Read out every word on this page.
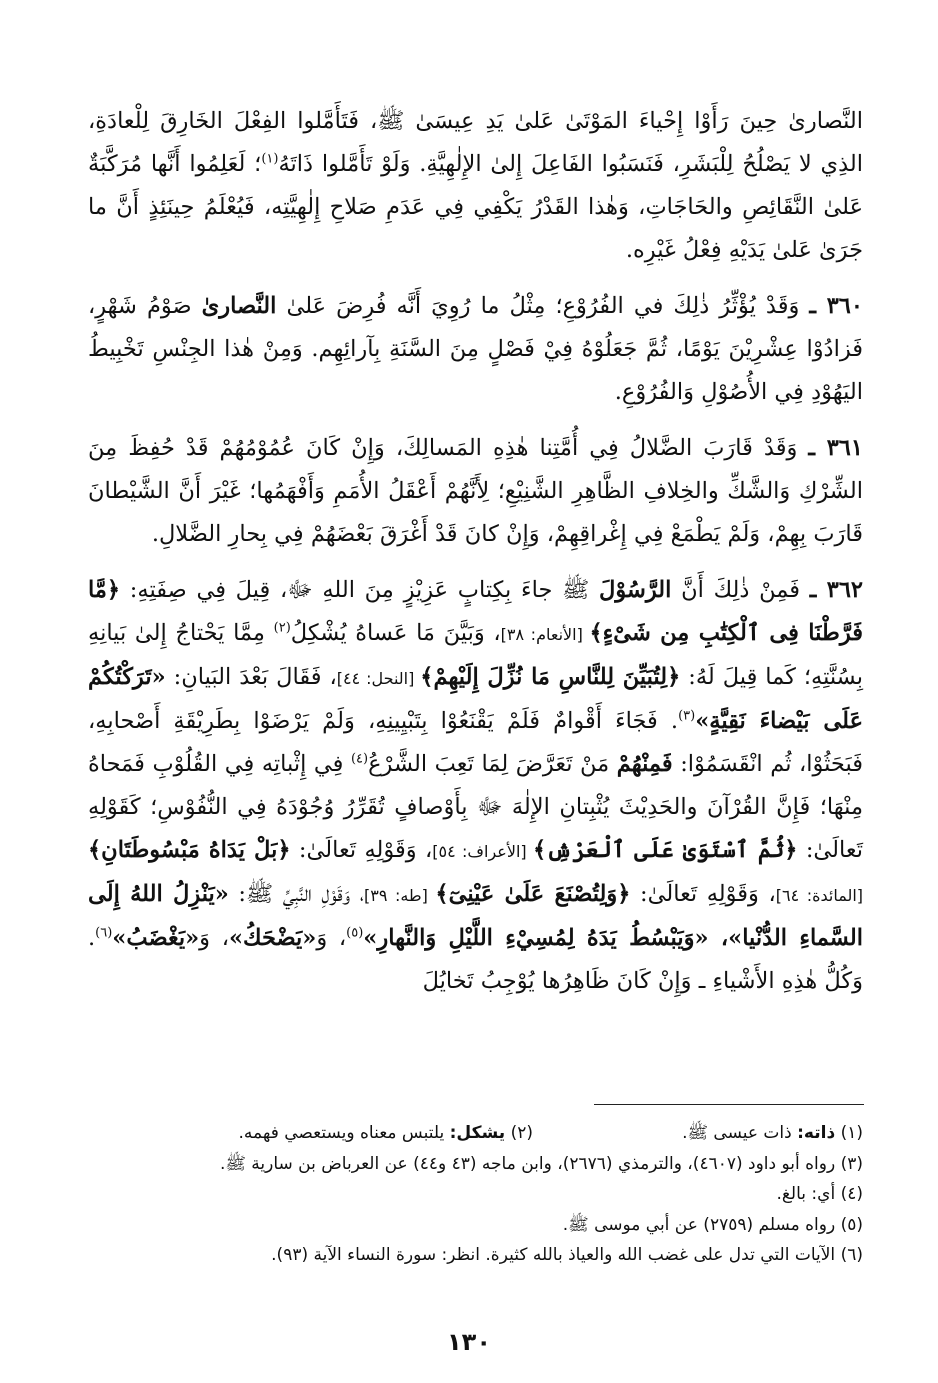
النَّصارىٰ حِينَ رَأَوْا إِحْياءَ المَوْتَىٰ عَلىٰ يَدِ عِيسَىٰ ﷺ، فَتَأَمَّلوا الفِعْلَ الخَارِقَ لِلْعادَةِ، الذِي لا يَصْلُحُ لِلْبَشَرِ، فَنَسَبُوا الفَاعِلَ إِلىٰ الإِلٰهِيَّةِ. وَلَوْ تَأَمَّلوا ذَاتَهُ$^{(١)}$؛ لَعَلِمُوا أَنَّها مُرَكَّبَةٌ عَلىٰ النَّقَائِصِ والحَاجَاتِ، وَهٰذا القَدْرُ يَكْفِي فِي عَدَمِ صَلاحِ إِلٰهِيَّتِه، فَيُعْلَمُ حِينَئِذٍ أَنَّ ما جَرَىٰ عَلىٰ يَدَيْهِ فِعْلُ غَيْرِه.

٣٦٠ ـ وَقَدْ يُؤْثِّرُ ذٰلِكَ في الفُرُوْعِ؛ مِثْلُ ما رُوِيَ أَنَّه فُرِضَ عَلىٰ النَّصارىٰ صَوْمُ شَهْرٍ، فَزادُوْا عِشْرِيْنَ يَوْمًا، ثُمَّ جَعَلُوْهُ فِيْ فَصْلٍ مِنَ السَّنَةِ بِآرائِهِم. وَمِنْ هٰذا الجِنْسِ تَخْبِيطُ اليَهُوْدِ فِي الأُصُوْلِ وَالفُرُوْعِ.

٣٦١ ـ وَقَدْ قَارَبَ الضَّلالُ فِي أُمَّتِنا هٰذِهِ المَسالِكَ، وَإِنْ كَانَ عُمُوْمُهُمْ قَدْ حُفِظَ مِنَ الشِّرْكِ وَالشَّكِّ والخِلافِ الظَّاهِرِ الشَّنِيْعِ؛ لِأَنَّهُمْ أَعْقَلُ الأُمَمِ وَأَفْهَمُها؛ غَيْرَ أَنَّ الشَّيْطانَ قَارَبَ بِهِمْ، وَلَمْ يَطْمَعْ فِي إِغْراقِهِمْ، وَإِنْ كانَ قَدْ أَغْرَقَ بَعْضَهُمْ فِي بِحارِ الضَّلالِ.

٣٦٢ ـ فَمِنْ ذٰلِكَ أَنَّ الرَّسُوْلَ ﷺ جاءَ بِكِتابٍ عَزِيْزٍ مِنَ اللهِ ﷻ، قِيلَ فِي صِفَتِهِ: ﴿مَّا فَرَّطْنَا فِى ٱلْكِتَٰبِ مِن شَىْءٍ﴾ [الأنعام: ٣٨]، وَبَيَّنَ مَا عَساهُ يُشْكِلُ$^{(٢)}$ مِمَّا يَحْتاجُ إِلىٰ بَيانِهِ بِسُنَّتِهِ؛ كَما قِيلَ لَهُ: ﴿لِتُبَيِّنَ لِلنَّاسِ مَا نُزِّلَ إِلَيْهِمْ﴾ [النحل: ٤٤]، فَقَالَ بَعْدَ البَيانِ: «تَرَكْتُكُمْ عَلَى بَيْضاءَ نَقِيَّةٍ»$^{(٣)}$. فَجَاءَ أَقْوامٌ فَلَمْ يَقْنَعُوْا بِتَبْيِينِهِ، وَلَمْ يَرْضَوْا بِطَرِيْقَةِ أَصْحابِهِ، فَبَحَثُوْا، ثُم انْقَسَمُوْا: فَمِنْهُمْ مَنْ تَعَرَّضَ لِمَا تَعِبَ الشَّرْعُ$^{(٤)}$ فِي إِثْباتِه فِي القُلُوْبِ فَمَحاهُ مِنْهَا؛ فَإِنَّ القُرْآنَ والحَدِيْثَ يُثْبِتانِ الإِلٰهَ ﷻ بِأَوْصافٍ تُقَرِّرُ وُجُوْدَهُ فِي النُّفُوْسِ؛ كَقَوْلِهِ تَعالَىٰ: ﴿ثُمَّ ٱسْتَوَىٰ عَلَى ٱلْعَرْشِ﴾ [الأعراف: ٥٤]، وَقَوْلِهِ تَعالَىٰ: ﴿بَلْ يَدَاهُ مَبْسُوطَتَانِ﴾ [المائدة: ٦٤]، وَقَوْلِهِ تَعالَىٰ: ﴿وَلِتُصْنَعَ عَلَىٰ عَيْنِىٓ﴾ [طه: ٣٩]، وَقَوْلِ النَّبِيِّ ﷺ: «يَنْزِلُ اللهُ إِلَى السَّماءِ الدُّنْيا»، «وَيَبْسُطُ يَدَهُ لِمُسِيْءِ اللَّيْلِ وَالنَّهارِ»$^{(٥)}$، وَ«يَضْحَكُ»، وَ«يَغْضَبُ»$^{(٦)}$. وَكُلُّ هٰذِهِ الأَشْياءِ ـ وَإِنْ كَانَ ظَاهِرُها يُوْجِبُ تَخايُلَ

(١) ذاته: ذات عيسى ﷺ.
(٢) يشكل: يلتبس معناه ويستعصي فهمه.
(٣) رواه أبو داود (٤٦٠٧)، والترمذي (٢٦٧٦)، وابن ماجه (٤٣ و٤٤) عن العرباض بن سارية ﷺ.
(٤) أي: بالغ.
(٥) رواه مسلم (٢٧٥٩) عن أبي موسى ﷺ.
(٦) الآيات التي تدل على غضب الله والعياذ بالله كثيرة. انظر: سورة النساء الآية (٩٣).
١٣٠
